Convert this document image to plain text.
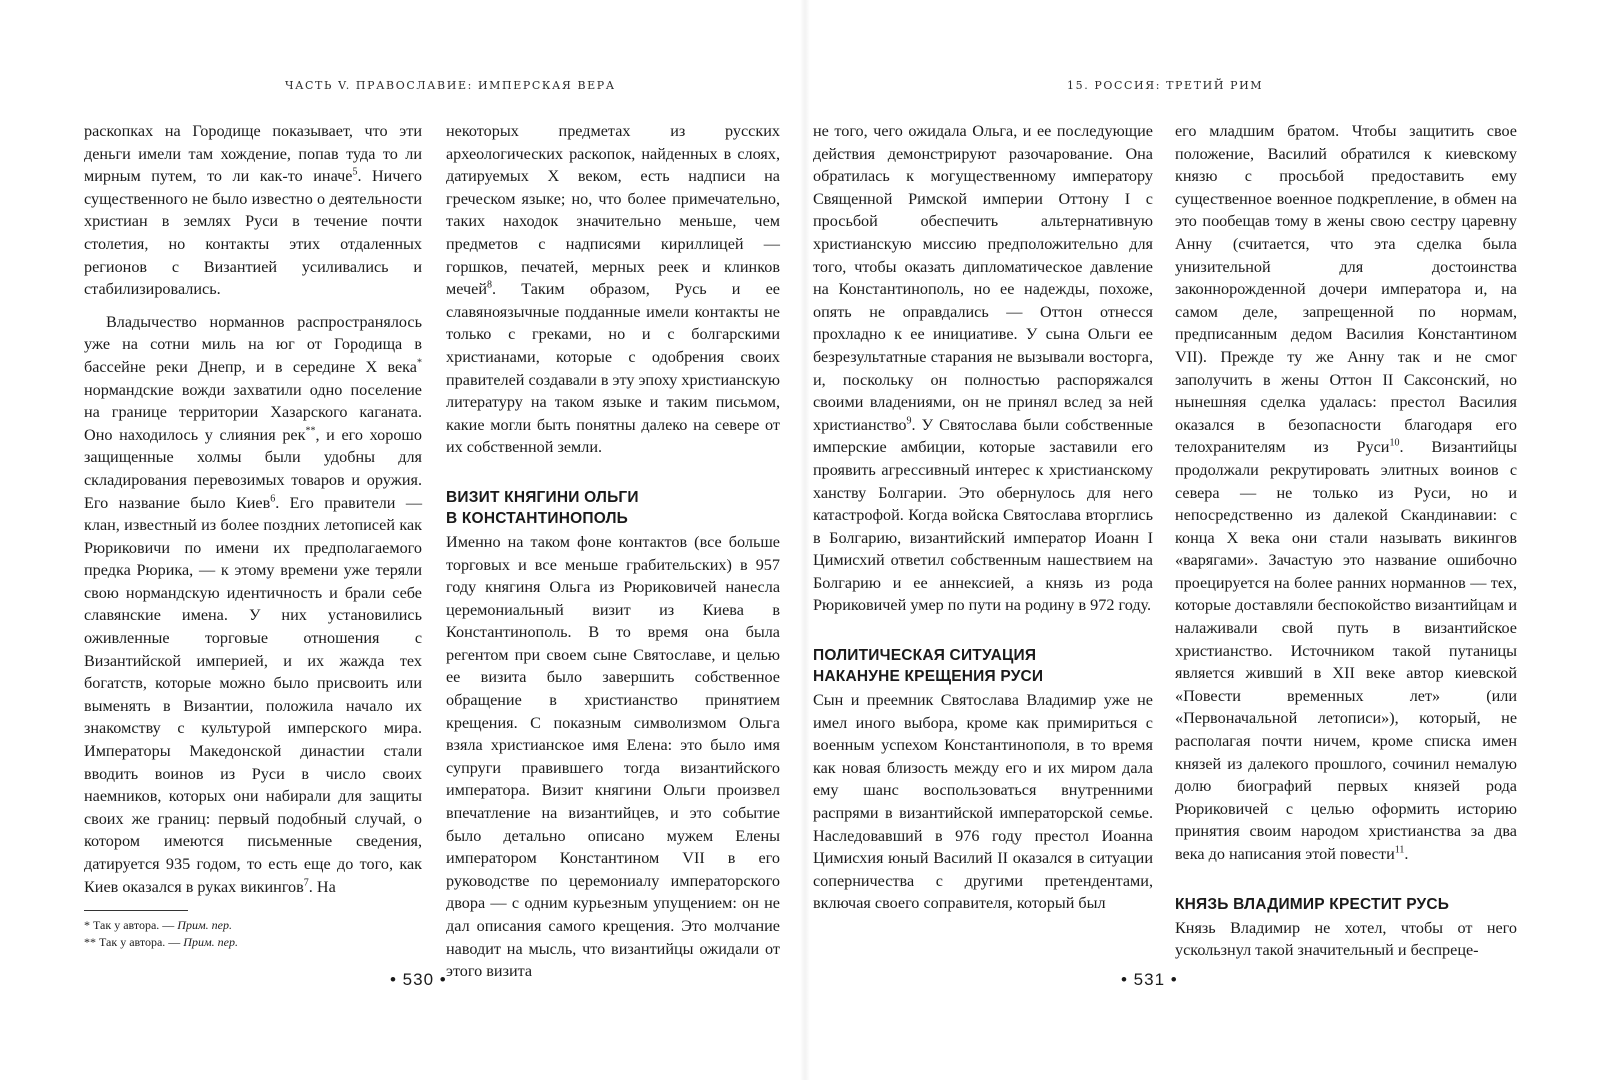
ЧАСТЬ V. ПРАВОСЛАВИЕ: ИМПЕРСКАЯ ВЕРА

раскопках на Городище показывает, что эти деньги имели там хождение, попав туда то ли мирным путем, то ли как-то иначе$^5$. Ничего существенного не было известно о деятельности христиан в землях Руси в течение почти столетия, но контакты этих отдаленных регионов с Византией усиливались и стабилизировались.

Владычество норманнов распространялось уже на сотни миль на юг от Городища в бассейне реки Днепр, и в середине X века* нормандские вожди захватили одно поселение на границе территории Хазарского каганата. Оно находилось у слияния рек**, и его хорошо защищенные холмы были удобны для складирования перевозимых товаров и оружия. Его название было Киев$^6$. Его правители — клан, известный из более поздних летописей как Рюриковичи по имени их предполагаемого предка Рюрика, — к этому времени уже теряли свою нормандскую идентичность и брали себе славянские имена. У них установились оживленные торговые отношения с Византийской империей, и их жажда тех богатств, которые можно было присвоить или выменять в Византии, положила начало их знакомству с культурой имперского мира. Императоры Македонской династии стали вводить воинов из Руси в число своих наемников, которых они набирали для защиты своих же границ: первый подобный случай, о котором имеются письменные сведения, датируется 935 годом, то есть еще до того, как Киев оказался в руках викингов$^7$. На

некоторых предметах из русских археологических раскопок, найденных в слоях, датируемых X веком, есть надписи на греческом языке; но, что более примечательно, таких находок значительно меньше, чем предметов с надписями кириллицей — горшков, печатей, мерных реек и клинков мечей$^8$. Таким образом, Русь и ее славяноязычные подданные имели контакты не только с греками, но и с болгарскими христианами, которые с одобрения своих правителей создавали в эту эпоху христианскую литературу на таком языке и таким письмом, какие могли быть понятны далеко на севере от их собственной земли.

ВИЗИТ КНЯГИНИ ОЛЬГИ
В КОНСТАНТИНОПОЛЬ

Именно на таком фоне контактов (все больше торговых и все меньше грабительских) в 957 году княгиня Ольга из Рюриковичей нанесла церемониальный визит из Киева в Константинополь. В то время она была регентом при своем сыне Святославе, и целью ее визита было завершить собственное обращение в христианство принятием крещения. С показным символизмом Ольга взяла христианское имя Елена: это было имя супруги правившего тогда византийского императора. Визит княгини Ольги произвел впечатление на византийцев, и это событие было детально описано мужем Елены императором Константином VII в его руководстве по церемониалу императорского двора — с одним курьезным упущением: он не дал описания самого крещения. Это молчание наводит на мысль, что византийцы ожидали от этого визита

* Так у автора. — Прим. пер.
** Так у автора. — Прим. пер.
• 530 •
15. РОССИЯ: ТРЕТИЙ РИМ

не того, чего ожидала Ольга, и ее последующие действия демонстрируют разочарование. Она обратилась к могущественному императору Священной Римской империи Оттону I с просьбой обеспечить альтернативную христианскую миссию предположительно для того, чтобы оказать дипломатическое давление на Константинополь, но ее надежды, похоже, опять не оправдались — Оттон отнесся прохладно к ее инициативе. У сына Ольги ее безрезультатные старания не вызывали восторга, и, поскольку он полностью распоряжался своими владениями, он не принял вслед за ней христианство$^9$. У Святослава были собственные имперские амбиции, которые заставили его проявить агрессивный интерес к христианскому ханству Болгарии. Это обернулось для него катастрофой. Когда войска Святослава вторглись в Болгарию, византийский император Иоанн I Цимисхий ответил собственным нашествием на Болгарию и ее аннексией, а князь из рода Рюриковичей умер по пути на родину в 972 году.

ПОЛИТИЧЕСКАЯ СИТУАЦИЯ
НАКАНУНЕ КРЕЩЕНИЯ РУСИ

Сын и преемник Святослава Владимир уже не имел иного выбора, кроме как примириться с военным успехом Константинополя, в то время как новая близость между его и их миром дала ему шанс воспользоваться внутренними распрями в византийской императорской семье. Наследовавший в 976 году престол Иоанна Цимисхия юный Василий II оказался в ситуации соперничества с другими претендентами, включая своего соправителя, который был

его младшим братом. Чтобы защитить свое положение, Василий обратился к киевскому князю с просьбой предоставить ему существенное военное подкрепление, в обмен на это пообещав тому в жены свою сестру царевну Анну (считается, что эта сделка была унизительной для достоинства законнорожденной дочери императора и, на самом деле, запрещенной по нормам, предписанным дедом Василия Константином VII). Прежде ту же Анну так и не смог заполучить в жены Оттон II Саксонский, но нынешняя сделка удалась: престол Василия оказался в безопасности благодаря его телохранителям из Руси$^{10}$. Византийцы продолжали рекрутировать элитных воинов с севера — не только из Руси, но и непосредственно из далекой Скандинавии: с конца X века они стали называть викингов «варягами». Зачастую это название ошибочно проецируется на более ранних норманнов — тех, которые доставляли беспокойство византийцам и налаживали свой путь в византийское христианство. Источником такой путаницы является живший в XII веке автор киевской «Повести временных лет» (или «Первоначальной летописи»), который, не располагая почти ничем, кроме списка имен князей из далекого прошлого, сочинил немалую долю биографий первых князей рода Рюриковичей с целью оформить историю принятия своим народом христианства за два века до написания этой повести$^{11}$.

КНЯЗЬ ВЛАДИМИР КРЕСТИТ РУСЬ

Князь Владимир не хотел, чтобы от него ускользнул такой значительный и беспреце-

• 531 •
